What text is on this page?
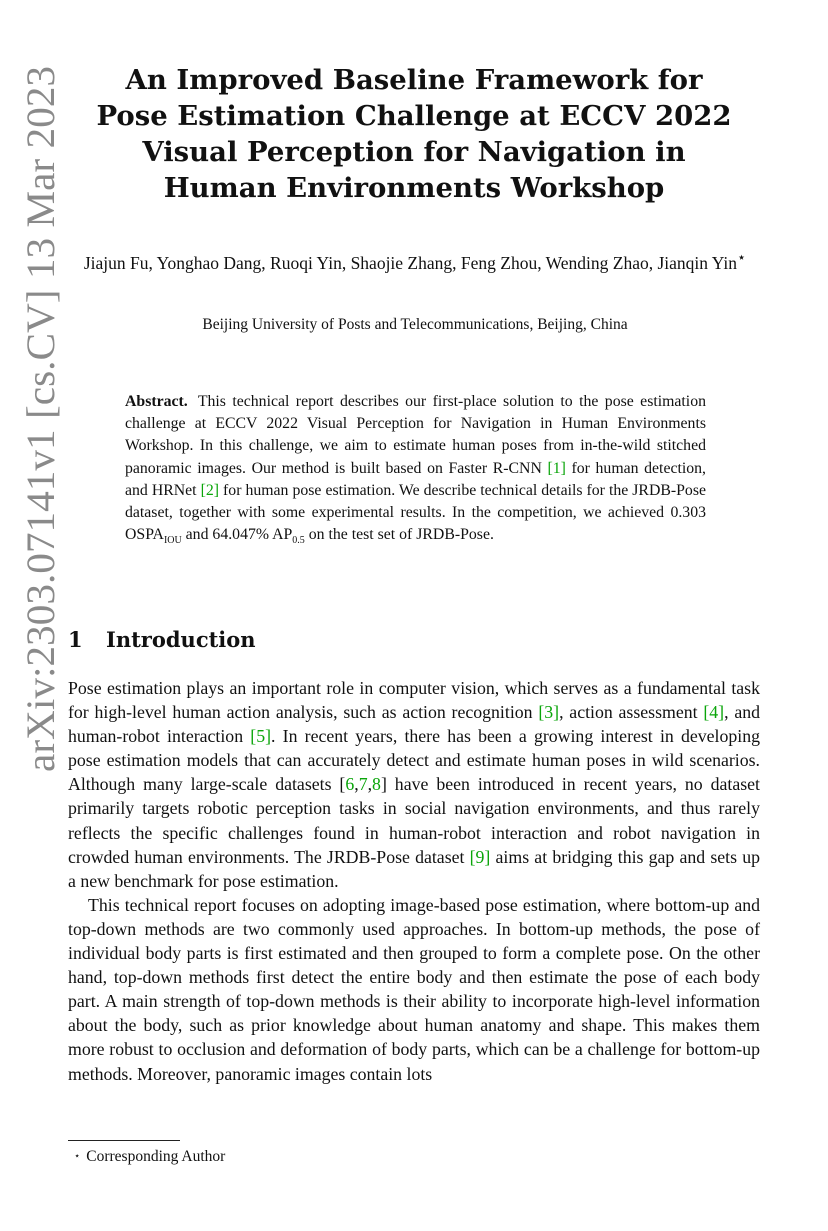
arXiv:2303.07141v1 [cs.CV] 13 Mar 2023
An Improved Baseline Framework for Pose Estimation Challenge at ECCV 2022 Visual Perception for Navigation in Human Environments Workshop
Jiajun Fu, Yonghao Dang, Ruoqi Yin, Shaojie Zhang, Feng Zhou, Wending Zhao, Jianqin Yin⋆
Beijing University of Posts and Telecommunications, Beijing, China
Abstract. This technical report describes our first-place solution to the pose estimation challenge at ECCV 2022 Visual Perception for Navigation in Human Environments Workshop. In this challenge, we aim to estimate human poses from in-the-wild stitched panoramic images. Our method is built based on Faster R-CNN [1] for human detection, and HRNet [2] for human pose estimation. We describe technical details for the JRDB-Pose dataset, together with some experimental results. In the competition, we achieved 0.303 $OSPA_{IOU}$ and 64.047% $AP_{0.5}$ on the test set of JRDB-Pose.
1 Introduction

Pose estimation plays an important role in computer vision, which serves as a fundamental task for high-level human action analysis, such as action recognition [3], action assessment [4], and human-robot interaction [5]. In recent years, there has been a growing interest in developing pose estimation models that can accurately detect and estimate human poses in wild scenarios. Although many large-scale datasets [6,7,8] have been introduced in recent years, no dataset primarily targets robotic perception tasks in social navigation environments, and thus rarely reflects the specific challenges found in human-robot interaction and robot navigation in crowded human environments. The JRDB-Pose dataset [9] aims at bridging this gap and sets up a new benchmark for pose estimation.

This technical report focuses on adopting image-based pose estimation, where bottom-up and top-down methods are two commonly used approaches. In bottom-up methods, the pose of individual body parts is first estimated and then grouped to form a complete pose. On the other hand, top-down methods first detect the entire body and then estimate the pose of each body part. A main strength of top-down methods is their ability to incorporate high-level information about the body, such as prior knowledge about human anatomy and shape. This makes them more robust to occlusion and deformation of body parts, which can be a challenge for bottom-up methods. Moreover, panoramic images contain lots

⋆ Corresponding Author
